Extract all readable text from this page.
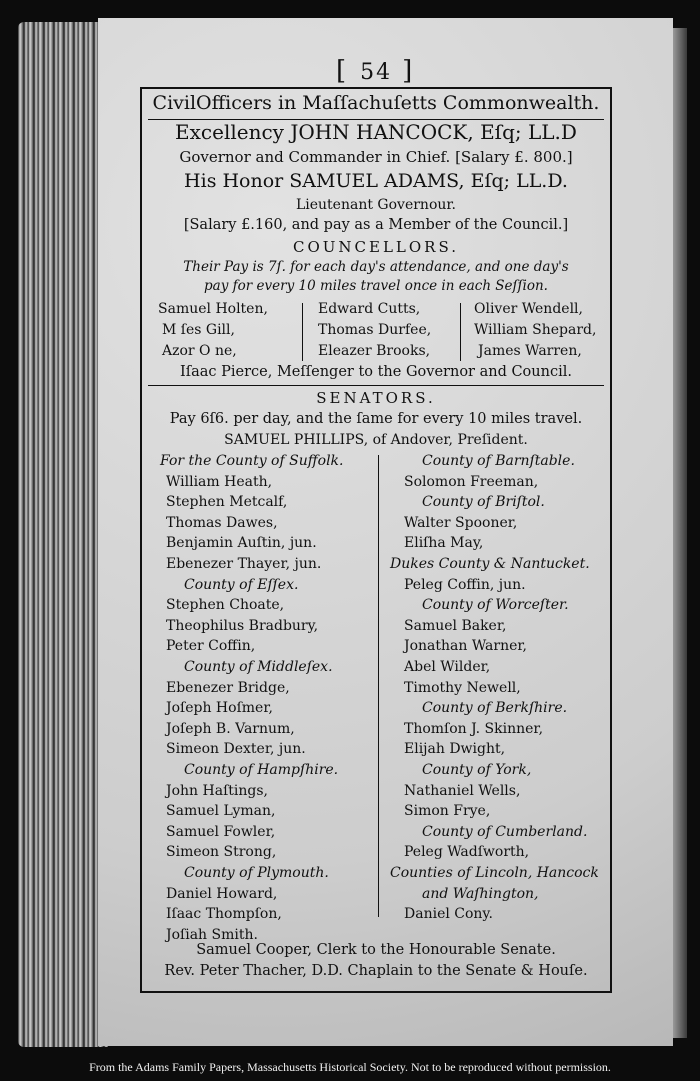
[ 54 ]
CivilOfficers in Maſſachuſetts Commonwealth.
Excellency JOHN HANCOCK, Eſq; LL.D
Governor and Commander in Chief. [Salary £. 800.]
His Honor SAMUEL ADAMS, Eſq; LL.D.
Lieutenant Governour.
[Salary £.160, and pay as a Member of the Council.]
COUNCELLORS.
Their Pay is 7ſ. for each day's attendance, and one day's
pay for every 10 miles travel once in each Seſſion.
Samuel Holten,
M ſes Gill,
Azor O ne,
Edward Cutts,
Thomas Durfee,
Eleazer Brooks,
Oliver Wendell,
William Shepard,
James Warren,
Iſaac Pierce, Meſſenger to the Governor and Council.
SENATORS.
Pay 6ſ6. per day, and the ſame for every 10 miles travel.
SAMUEL PHILLIPS, of Andover, Preſident.
For the County of Suffolk.
William Heath,
Stephen Metcalf,
Thomas Dawes,
Benjamin Auſtin, jun.
Ebenezer Thayer, jun.
County of Eſſex.
Stephen Choate,
Theophilus Bradbury,
Peter Coffin,
County of Middleſex.
Ebenezer Bridge,
Joſeph Hoſmer,
Joſeph B. Varnum,
Simeon Dexter, jun.
County of Hampſhire.
John Haſtings,
Samuel Lyman,
Samuel Fowler,
Simeon Strong,
County of Plymouth.
Daniel Howard,
Iſaac Thompſon,
Joſiah Smith.
County of Barnſtable.
Solomon Freeman,
County of Briſtol.
Walter Spooner,
Eliſha May,
Dukes County & Nantucket.
Peleg Coffin, jun.
County of Worceſter.
Samuel Baker,
Jonathan Warner,
Abel Wilder,
Timothy Newell,
County of Berkſhire.
Thomſon J. Skinner,
Elijah Dwight,
County of York,
Nathaniel Wells,
Simon Frye,
County of Cumberland.
Peleg Wadſworth,
Counties of Lincoln, Hancock
and Waſhington,
Daniel Cony.
Samuel Cooper, Clerk to the Honourable Senate.
Rev. Peter Thacher, D.D. Chaplain to the Senate & Houſe.
From the Adams Family Papers, Massachusetts Historical Society. Not to be reproduced without permission.
